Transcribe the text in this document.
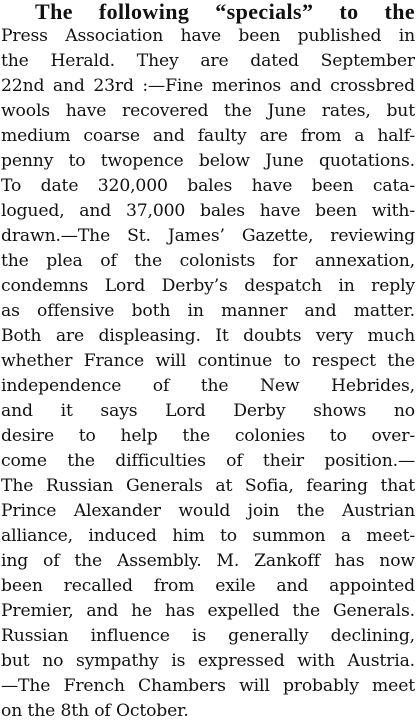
The following “specials” to the
Press Association have been published in
the Herald. They are dated September
22nd and 23rd :—Fine merinos and crossbred
wools have recovered the June rates, but
medium coarse and faulty are from a half-
penny to twopence below June quotations.
To date 320,000 bales have been cata-
logued, and 37,000 bales have been with-
drawn.—The St. James’ Gazette, reviewing
the plea of the colonists for annexation,
condemns Lord Derby’s despatch in reply
as offensive both in manner and matter.
Both are displeasing. It doubts very much
whether France will continue to respect the
independence of the New Hebrides,
and it says Lord Derby shows no
desire to help the colonies to over-
come the difficulties of their position.—
The Russian Generals at Sofia, fearing that
Prince Alexander would join the Austrian
alliance, induced him to summon a meet-
ing of the Assembly. M. Zankoff has now
been recalled from exile and appointed
Premier, and he has expelled the Generals.
Russian influence is generally declining,
but no sympathy is expressed with Austria.
—The French Chambers will probably meet
on the 8th of October.
